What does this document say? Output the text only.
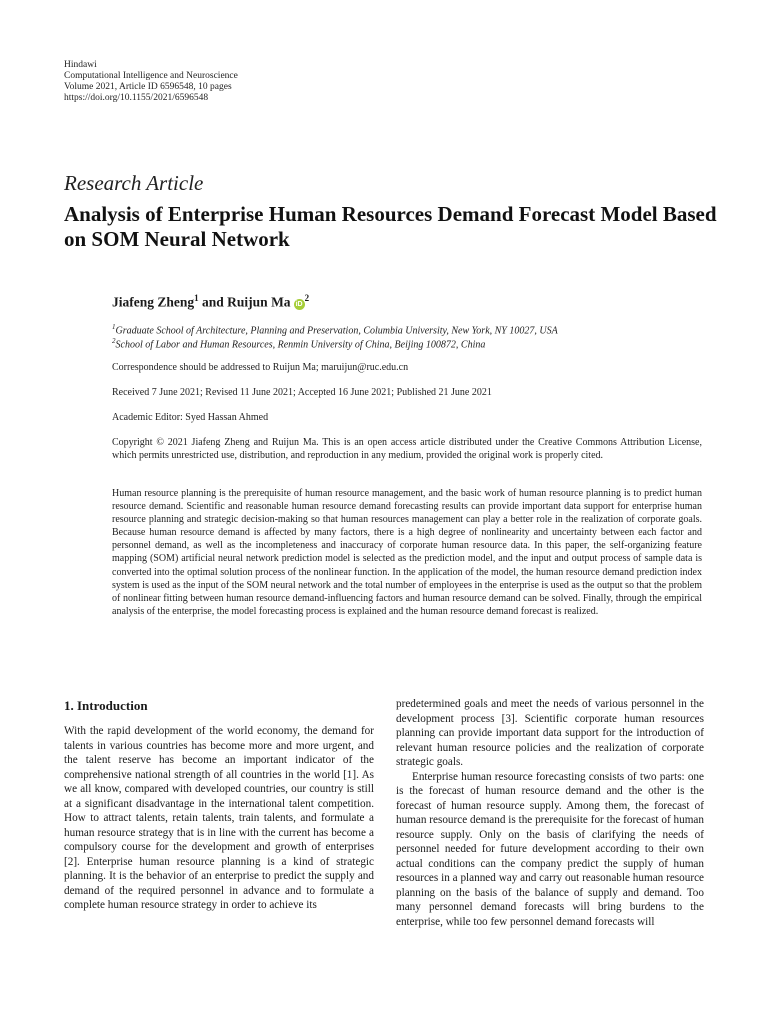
Hindawi
Computational Intelligence and Neuroscience
Volume 2021, Article ID 6596548, 10 pages
https://doi.org/10.1155/2021/6596548
Research Article
Analysis of Enterprise Human Resources Demand Forecast Model Based on SOM Neural Network
Jiafeng Zheng$^1$ and Ruijun Ma $iD^2$
$^1$Graduate School of Architecture, Planning and Preservation, Columbia University, New York, NY 10027, USA
$^2$School of Labor and Human Resources, Renmin University of China, Beijing 100872, China
Correspondence should be addressed to Ruijun Ma; maruijun@ruc.edu.cn
Received 7 June 2021; Revised 11 June 2021; Accepted 16 June 2021; Published 21 June 2021
Academic Editor: Syed Hassan Ahmed
Copyright © 2021 Jiafeng Zheng and Ruijun Ma. This is an open access article distributed under the Creative Commons Attribution License, which permits unrestricted use, distribution, and reproduction in any medium, provided the original work is properly cited.
Human resource planning is the prerequisite of human resource management, and the basic work of human resource planning is to predict human resource demand. Scientific and reasonable human resource demand forecasting results can provide important data support for enterprise human resource planning and strategic decision-making so that human resources management can play a better role in the realization of corporate goals. Because human resource demand is affected by many factors, there is a high degree of nonlinearity and uncertainty between each factor and personnel demand, as well as the incompleteness and inaccuracy of corporate human resource data. In this paper, the self-organizing feature mapping (SOM) artificial neural network prediction model is selected as the prediction model, and the input and output process of sample data is converted into the optimal solution process of the nonlinear function. In the application of the model, the human resource demand prediction index system is used as the input of the SOM neural network and the total number of employees in the enterprise is used as the output so that the problem of nonlinear fitting between human resource demand-influencing factors and human resource demand can be solved. Finally, through the empirical analysis of the enterprise, the model forecasting process is explained and the human resource demand forecast is realized.
1. Introduction

With the rapid development of the world economy, the demand for talents in various countries has become more and more urgent, and the talent reserve has become an important indicator of the comprehensive national strength of all countries in the world [1]. As we all know, compared with developed countries, our country is still at a significant disadvantage in the international talent competition. How to attract talents, retain talents, train talents, and formulate a human resource strategy that is in line with the current has become a compulsory course for the development and growth of enterprises [2]. Enterprise human resource planning is a kind of strategic planning. It is the behavior of an enterprise to predict the supply and demand of the required personnel in advance and to formulate a complete human resource strategy in order to achieve its

predetermined goals and meet the needs of various personnel in the development process [3]. Scientific corporate human resources planning can provide important data support for the introduction of relevant human resource policies and the realization of corporate strategic goals.

Enterprise human resource forecasting consists of two parts: one is the forecast of human resource demand and the other is the forecast of human resource supply. Among them, the forecast of human resource demand is the prerequisite for the forecast of human resource supply. Only on the basis of clarifying the needs of personnel needed for future development according to their own actual conditions can the company predict the supply of human resources in a planned way and carry out reasonable human resource planning on the basis of the balance of supply and demand. Too many personnel demand forecasts will bring burdens to the enterprise, while too few personnel demand forecasts will
